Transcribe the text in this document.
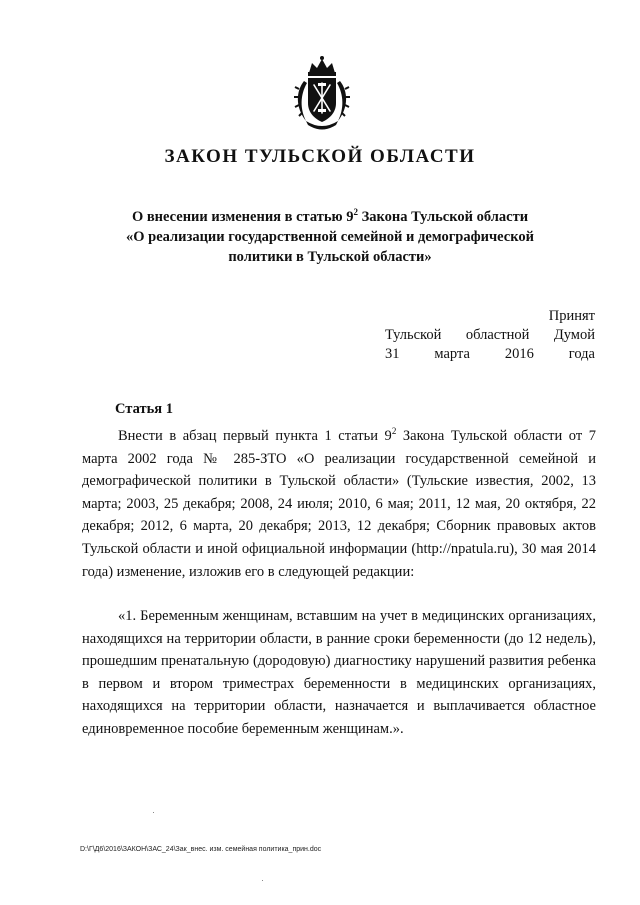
ЗАКОН ТУЛЬСКОЙ ОБЛАСТИ
О внесении изменения в статью $9^2$ Закона Тульской области
«О реализации государственной семейной и демографической
политики в Тульской области»
Принят
Тульской областной Думой
31 марта 2016 года
Статья 1
Внести в абзац первый пункта 1 статьи $9^2$ Закона Тульской области от 7 марта 2002 года № 285-ЗТО «О реализации государственной семейной и демографической политики в Тульской области» (Тульские известия, 2002, 13 марта; 2003, 25 декабря; 2008, 24 июля; 2010, 6 мая; 2011, 12 мая, 20 октября, 22 декабря; 2012, 6 марта, 20 декабря; 2013, 12 декабря; Сборник правовых актов Тульской области и иной официальной информации (http://npatula.ru), 30 мая 2014 года) изменение, изложив его в следующей редакции:
«1. Беременным женщинам, вставшим на учет в медицинских организациях, находящихся на территории области, в ранние сроки беременности (до 12 недель), прошедшим пренатальную (дородовую) диагностику нарушений развития ребенка в первом и втором триместрах беременности в медицинских организациях, находящихся на территории области, назначается и выплачивается областное единовременное пособие беременным женщинам.».
D:\Г\Д6\2016\ЗАКОН\ЗАС_24\Зак_внес. изм. семейная политика_прин.doc
